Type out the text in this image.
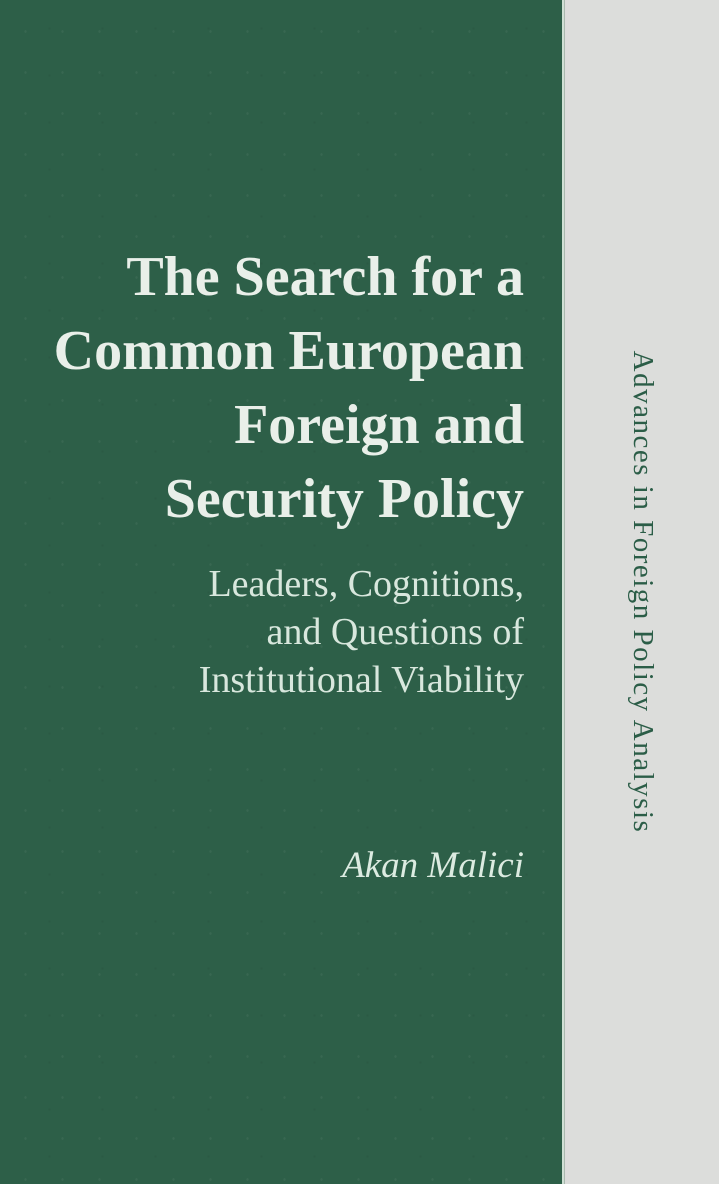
Advances in Foreign Policy Analysis
The Search for a
Common European
Foreign and
Security Policy
Leaders, Cognitions,
and Questions of
Institutional Viability
Akan Malici
